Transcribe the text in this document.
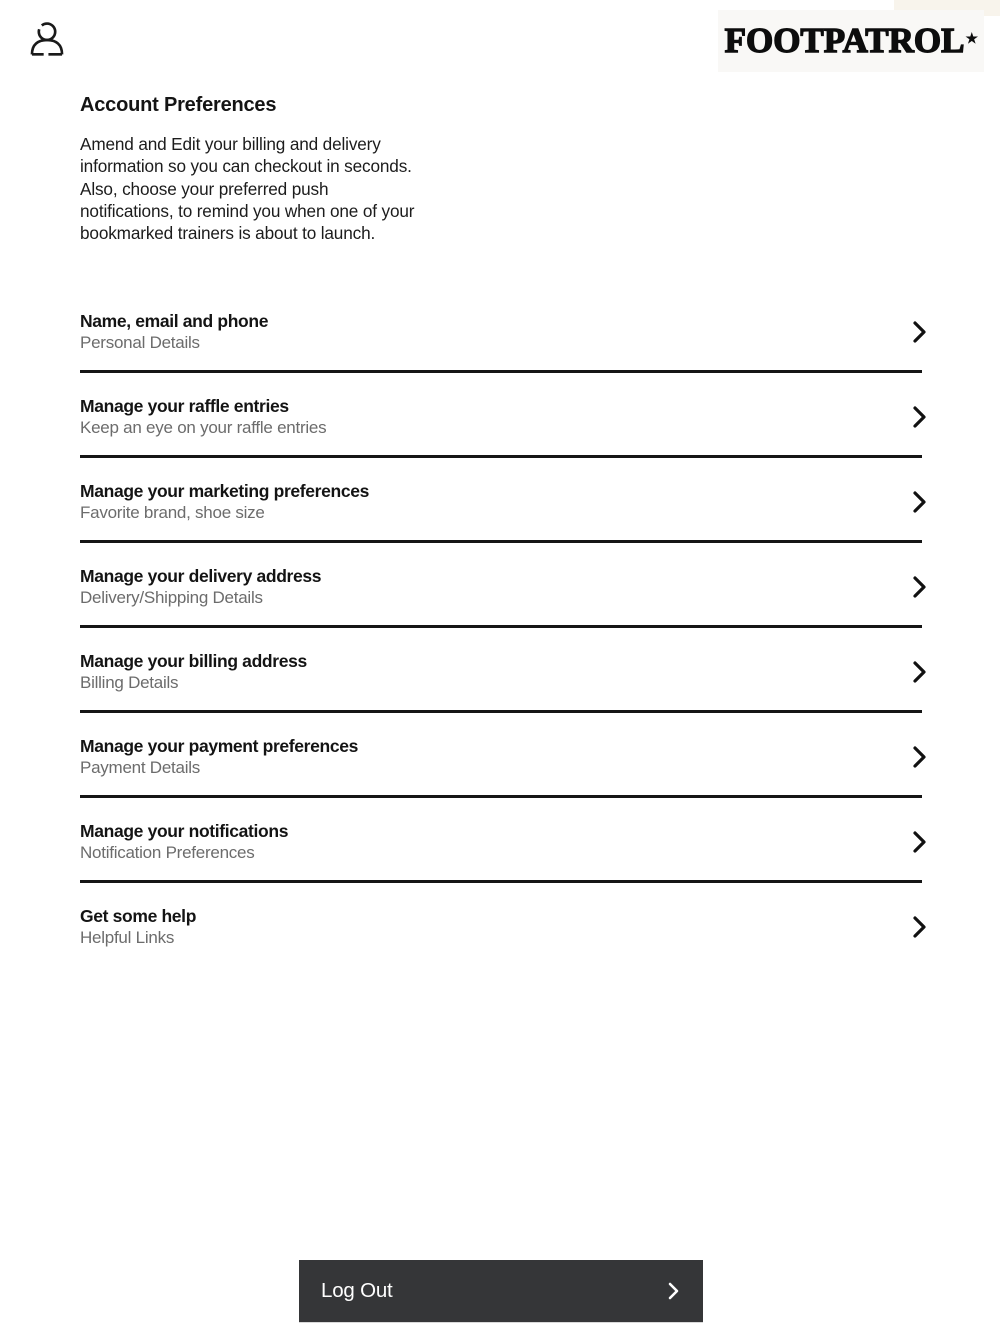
FOOTPATROL★
Account Preferences

Amend and Edit your billing and delivery information so you can checkout in seconds. Also, choose your preferred push notifications, to remind you when one of your bookmarked trainers is about to launch.

Name, email and phone
Personal Details
Manage your raffle entries
Keep an eye on your raffle entries
Manage your marketing preferences
Favorite brand, shoe size
Manage your delivery address
Delivery/Shipping Details
Manage your billing address
Billing Details
Manage your payment preferences
Payment Details
Manage your notifications
Notification Preferences
Get some help
Helpful Links
Log Out
